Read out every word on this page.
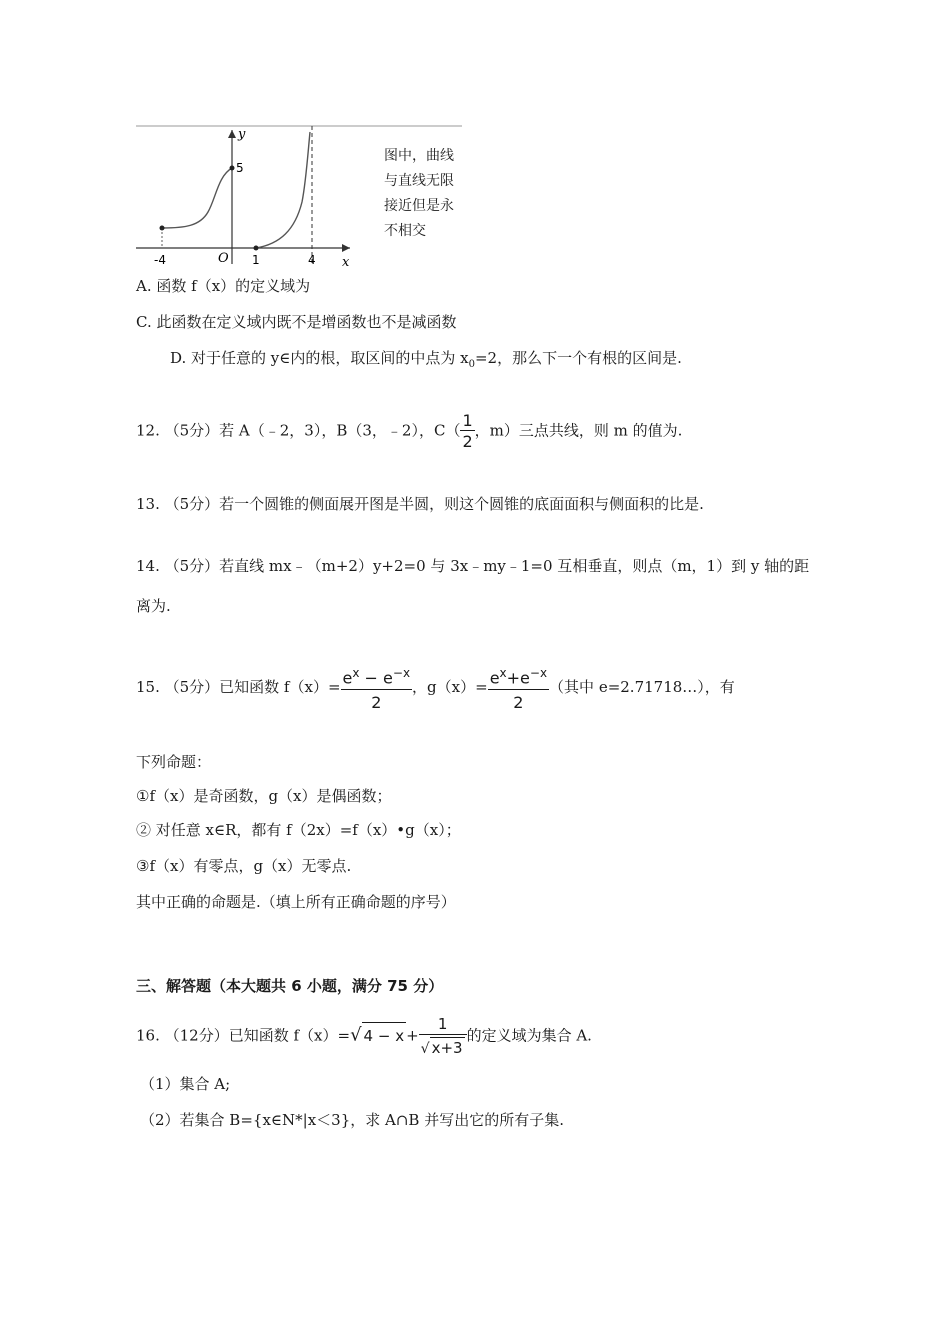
y
x
O
5
-4	1	4
图中，曲线
与直线无限
接近但是永
不相交
A. 函数 f（x）的定义域为
C. 此函数在定义域内既不是增函数也不是减函数
D. 对于任意的 y∈内的根，取区间的中点为 $x_0=2$，那么下一个有根的区间是.
12. （5分）若 A（﹣2，3），B（3，﹣2），$C( \frac{1}{2}$ ，m）三点共线，则 m 的值为.
13. （5分）若一个圆锥的侧面展开图是半圆，则这个圆锥的底面面积与侧面积的比是.
14. （5分）若直线 mx﹣（m+2）y+2=0 与 3x﹣my﹣1=0 互相垂直，则点（m，1）到 y 轴的距
离为.
15. （5分）已知函数 $f(x)= \frac{e^x - e^{-x}}{2}$ ，$g(x)= \frac{e^x+e^{-x}}{2}$ （其中 e=2.71718…），有
下列命题：
①f（x）是奇函数，g（x）是偶函数；
② 对任意 x∈R，都有 f（2x）=f（x）•g（x）；
③f（x）有零点，g（x）无零点.
其中正确的命题是.（填上所有正确命题的序号）
三、解答题（本大题共 6 小题，满分 75 分）
16. （12分）已知函数 f（x）=√ $4 - x + \frac{1}{√ x+3}$ 的定义域为集合 A.
（1）集合 A;
（2）若集合 B={x∈N*|x＜3}，求 A∩B 并写出它的所有子集.
